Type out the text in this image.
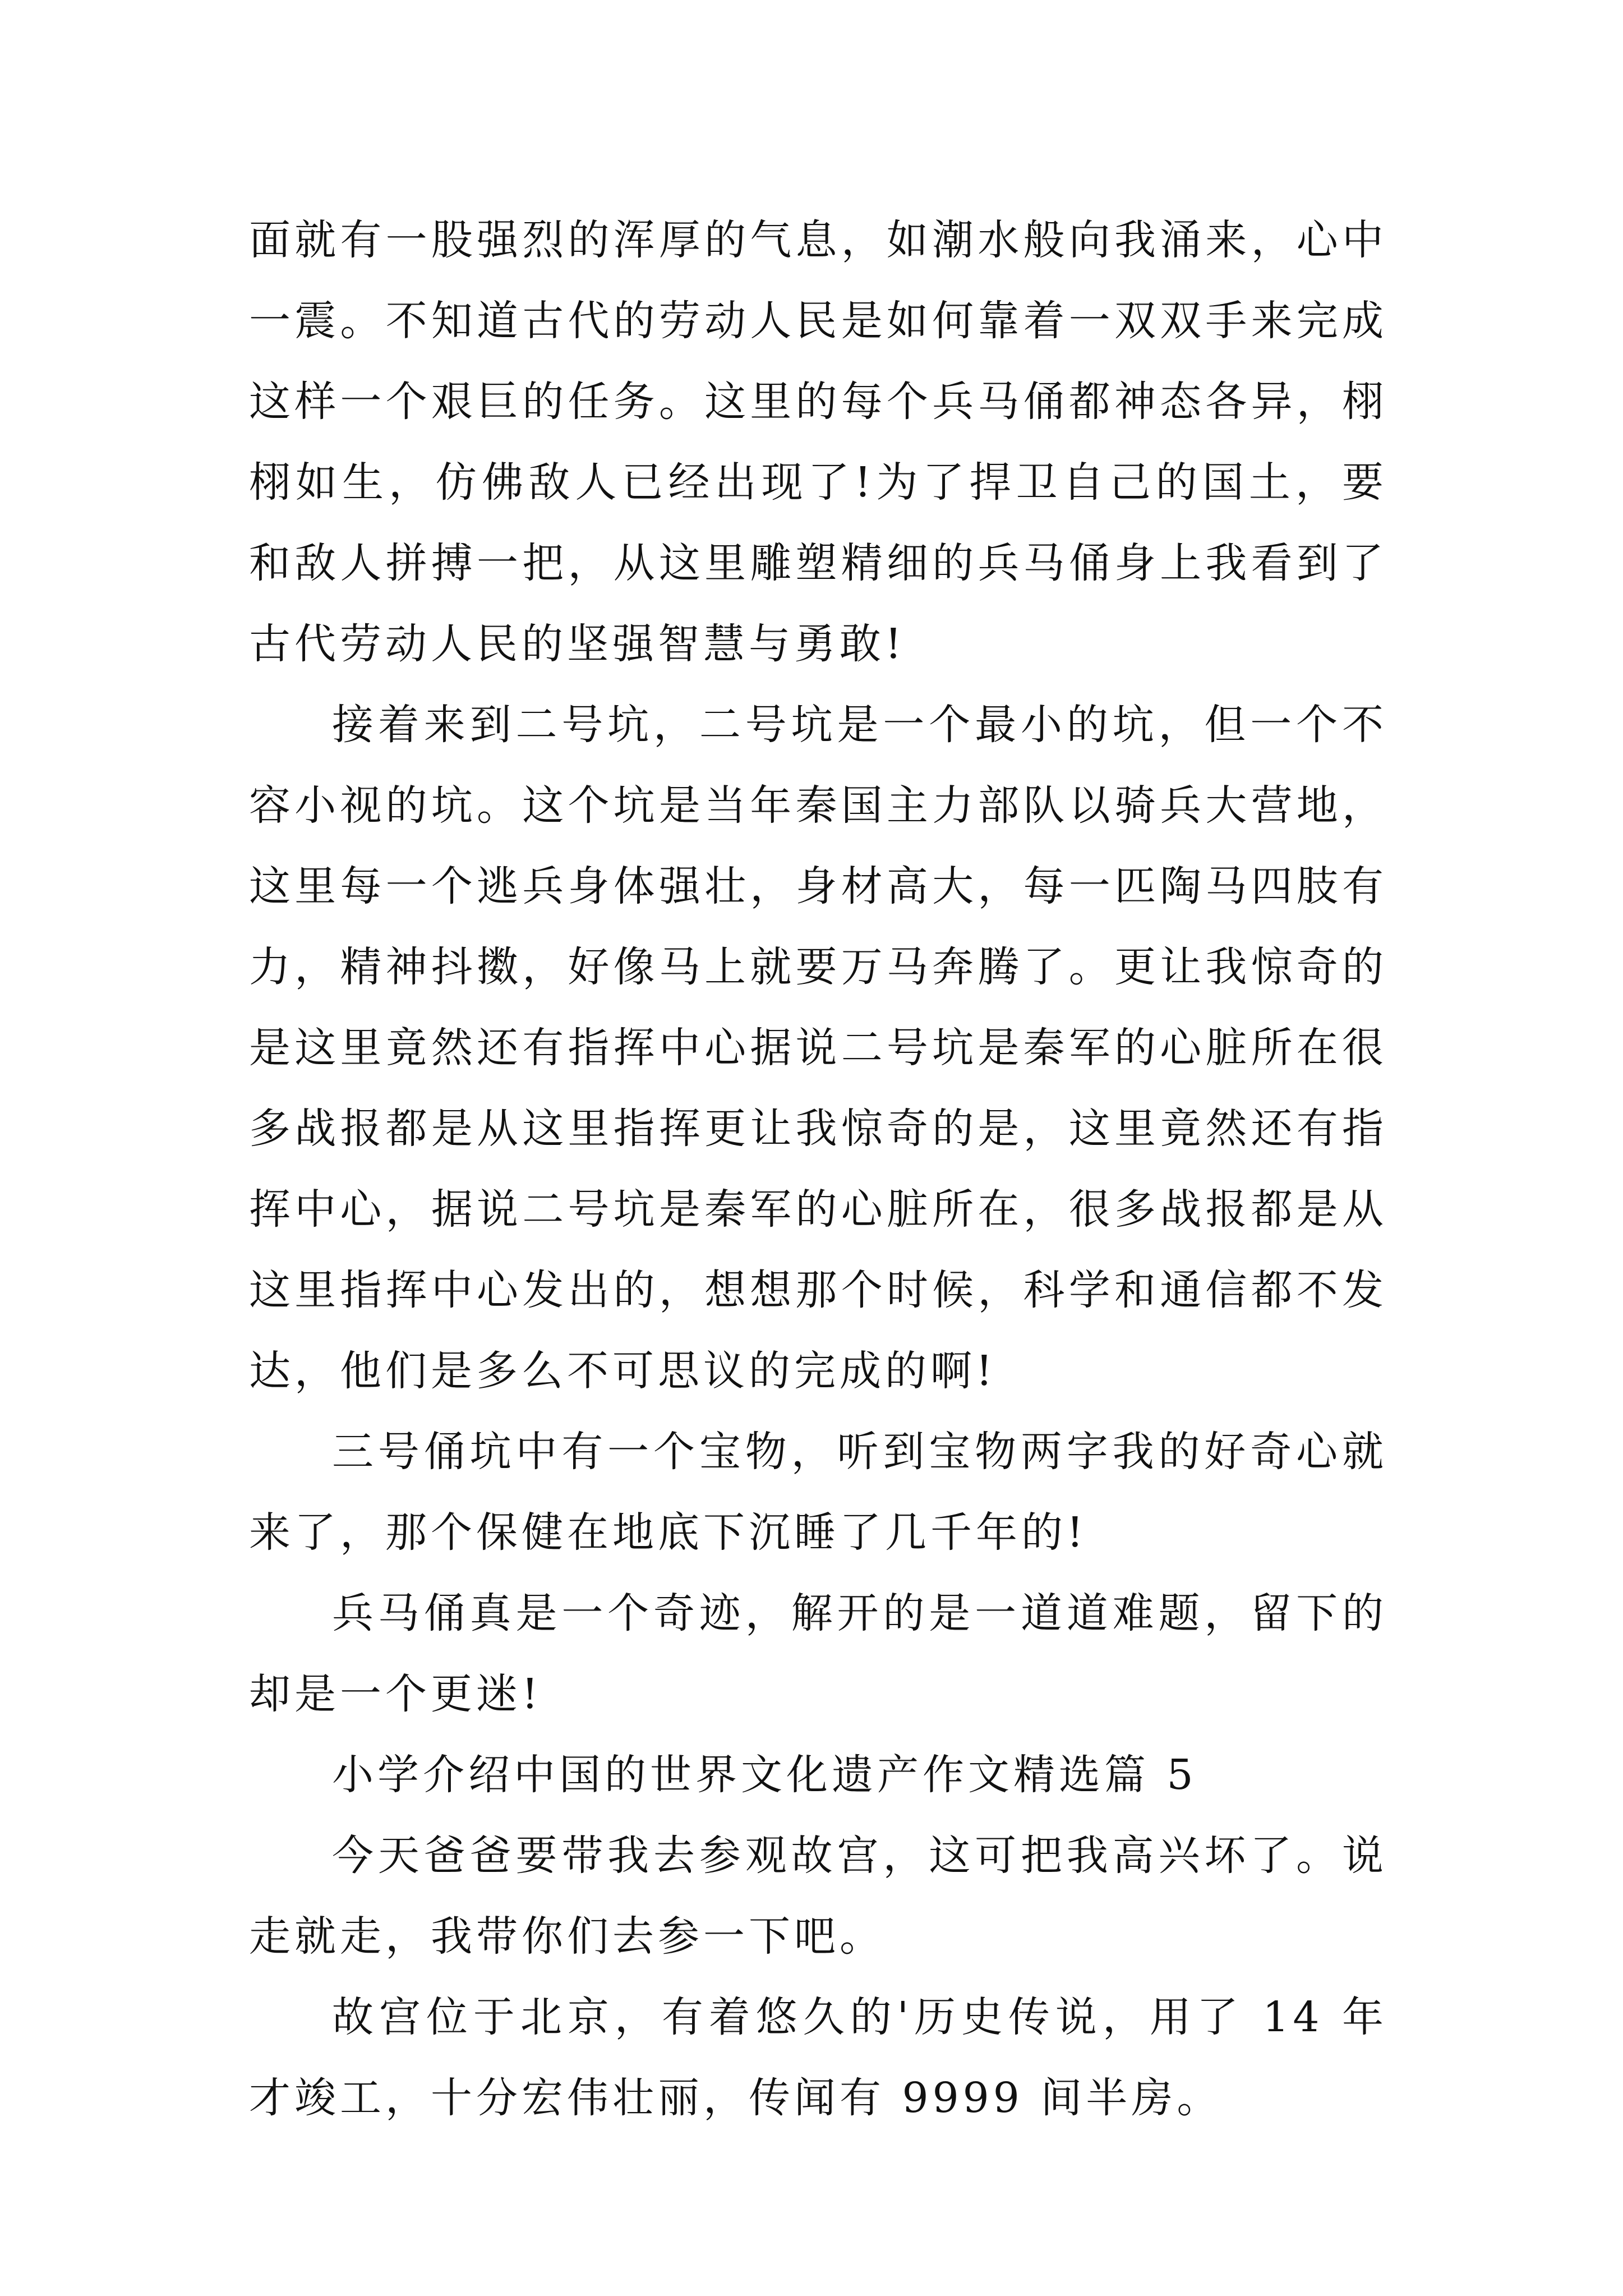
面就有一股强烈的浑厚的气息，如潮水般向我涌来，心中一震。不知道古代的劳动人民是如何靠着一双双手来完成这样一个艰巨的任务。这里的每个兵马俑都神态各异，栩栩如生，仿佛敌人已经出现了!为了捍卫自己的国土，要和敌人拼搏一把，从这里雕塑精细的兵马俑身上我看到了古代劳动人民的坚强智慧与勇敢!

接着来到二号坑，二号坑是一个最小的坑，但一个不容小视的坑。这个坑是当年秦国主力部队以骑兵大营地，这里每一个逃兵身体强壮，身材高大，每一匹陶马四肢有力，精神抖擞，好像马上就要万马奔腾了。更让我惊奇的是这里竟然还有指挥中心据说二号坑是秦军的心脏所在很多战报都是从这里指挥更让我惊奇的是，这里竟然还有指挥中心，据说二号坑是秦军的心脏所在，很多战报都是从这里指挥中心发出的，想想那个时候，科学和通信都不发达，他们是多么不可思议的完成的啊!

三号俑坑中有一个宝物，听到宝物两字我的好奇心就来了，那个保健在地底下沉睡了几千年的!

兵马俑真是一个奇迹，解开的是一道道难题，留下的却是一个更迷!

小学介绍中国的世界文化遗产作文精选篇 5

今天爸爸要带我去参观故宫，这可把我高兴坏了。说走就走，我带你们去参一下吧。

故宫位于北京，有着悠久的'历史传说，用了 14 年才竣工，十分宏伟壮丽，传闻有 9999 间半房。
